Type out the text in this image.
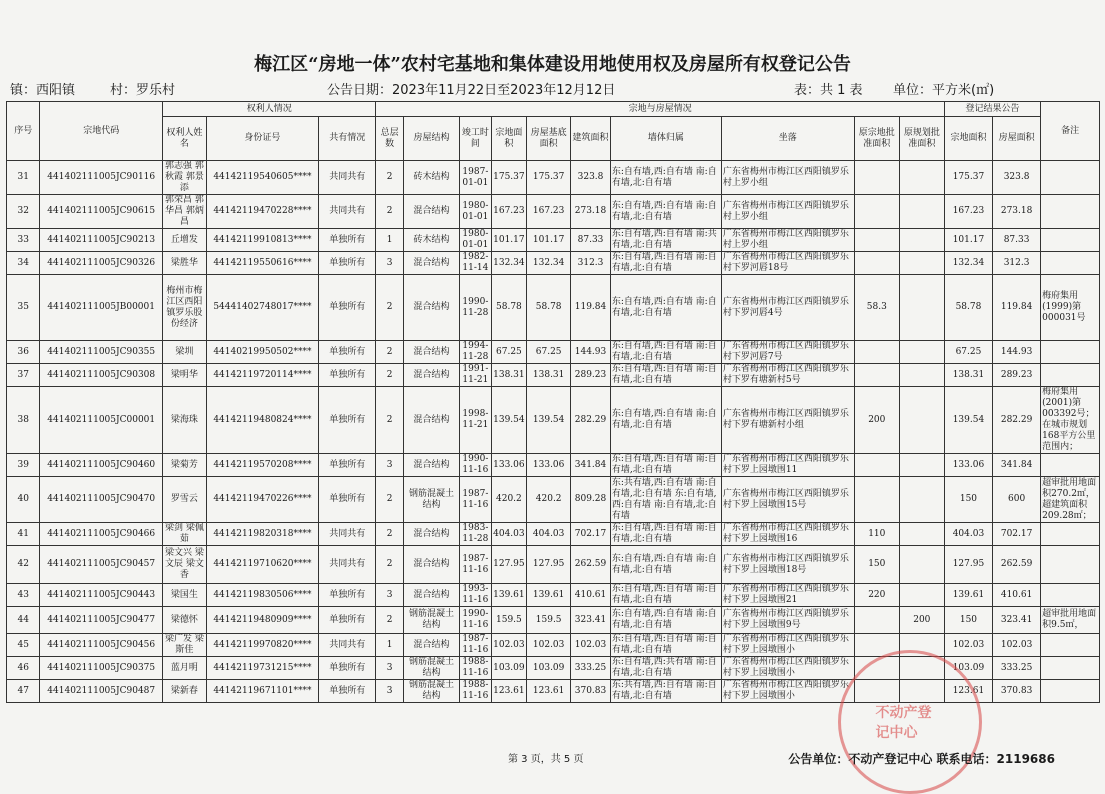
梅江区“房地一体”农村宅基地和集体建设用地使用权及房屋所有权登记公告
镇：西阳镇	村：罗乐村	公告日期：2023年11月22日至2023年12月12日	表：共 1 表 单位：平方米(㎡)
序号	宗地代码	权利人情况			宗地与房屋情况										登记结果公告		备注
		权利人姓名	身份证号	共有情况	总层数	房屋结构	竣工时间	宗地面积	房屋基底面积	建筑面积	墙体归属	坐落	原宗地批准面积	原规划批准面积	宗地面积	房屋面积	
31	441402111005JC90116	郭志强 郭秋霞 郭景添	44142119540605****	共同共有	2	砖木结构	1987-01-01	175.37	175.37	323.8	东:自有墙,西:自有墙 南:自有墙,北:自有墙	广东省梅州市梅江区西阳镇罗乐村上罗小组			175.37	323.8	
32	441402111005JC90615	郭荣昌 郭华昌 郭炳昌	44142119470228****	共同共有	2	混合结构	1980-01-01	167.23	167.23	273.18	东:自有墙,西:自有墙 南:自有墙,北:自有墙	广东省梅州市梅江区西阳镇罗乐村上罗小组			167.23	273.18	
33	441402111005JC90213	丘增发	44142119910813****	单独所有	1	砖木结构	1980-01-01	101.17	101.17	87.33	东:自有墙,西:自有墙 南:共有墙,北:自有墙	广东省梅州市梅江区西阳镇罗乐村上罗小组			101.17	87.33	
34	441402111005JC90326	梁胜华	44142119550616****	单独所有	3	混合结构	1982-11-14	132.34	132.34	312.3	东:自有墙,西:自有墙 南:自有墙,北:自有墙	广东省梅州市梅江区西阳镇罗乐村下罗河唇18号			132.34	312.3	
35	441402111005JB00001	梅州市梅江区西阳镇罗乐股份经济	54441402748017****	单独所有	2	混合结构	1990-11-28	58.78	58.78	119.84	东:自有墙,西:自有墙 南:自有墙,北:自有墙	广东省梅州市梅江区西阳镇罗乐村下罗河唇4号	58.3		58.78	119.84	梅府集用(1999)第000031号
36	441402111005JC90355	梁圳	44140219950502****	单独所有	2	混合结构	1994-11-28	67.25	67.25	144.93	东:自有墙,西:自有墙 南:自有墙,北:自有墙	广东省梅州市梅江区西阳镇罗乐村下罗河唇7号			67.25	144.93	
37	441402111005JC90308	梁明华	44142119720114****	单独所有	2	混合结构	1991-11-21	138.31	138.31	289.23	东:自有墙,西:自有墙 南:自有墙,北:自有墙	广东省梅州市梅江区西阳镇罗乐村下罗有塘新村5号			138.31	289.23	
38	441402111005JC00001	梁海珠	44142119480824****	单独所有	2	混合结构	1998-11-21	139.54	139.54	282.29	东:自有墙,西:自有墙 南:自有墙,北:自有墙	广东省梅州市梅江区西阳镇罗乐村下罗有塘新村小组	200		139.54	282.29	梅府集用(2001)第003392号；在城市规划168平方公里范围内；
39	441402111005JC90460	梁菊芳	44142119570208****	单独所有	3	混合结构	1990-11-16	133.06	133.06	341.84	东:自有墙,西:自有墙 南:自有墙,北:自有墙	广东省梅州市梅江区西阳镇罗乐村下罗上园墩围11			133.06	341.84	
40	441402111005JC90470	罗雪云	44142119470226****	单独所有	2	钢筋混凝土结构	1987-11-16	420.2	420.2	809.28	东:共有墙,西:自有墙 南:自有墙,北:自有墙 东:自有墙,西:自有墙 南:自有墙,北:自有墙	广东省梅州市梅江区西阳镇罗乐村下罗上园墩围15号			150	600	超审批用地面积270.2㎡，超建筑面积209.28㎡；
41	441402111005JC90466	梁剑 梁佩茹	44142119820318****	共同共有	2	混合结构	1983-11-28	404.03	404.03	702.17	东:自有墙,西:自有墙 南:自有墙,北:自有墙	广东省梅州市梅江区西阳镇罗乐村下罗上园墩围16	110		404.03	702.17	
42	441402111005JC90457	梁文兴 梁文辰 梁文香	44142119710620****	共同共有	2	混合结构	1987-11-16	127.95	127.95	262.59	东:自有墙,西:自有墙 南:自有墙,北:自有墙	广东省梅州市梅江区西阳镇罗乐村下罗上园墩围18号	150		127.95	262.59	
43	441402111005JC90443	梁国生	44142119830506****	单独所有	3	混合结构	1993-11-16	139.61	139.61	410.61	东:自有墙,西:自有墙 南:自有墙,北:自有墙	广东省梅州市梅江区西阳镇罗乐村下罗上园墩围21	220		139.61	410.61	
44	441402111005JC90477	梁德怀	44142119480909****	单独所有	2	钢筋混凝土结构	1990-11-16	159.5	159.5	323.41	东:自有墙,西:自有墙 南:自有墙,北:自有墙	广东省梅州市梅江区西阳镇罗乐村下罗上园墩围9号		200	150	323.41	超审批用地面积9.5㎡，
45	441402111005JC90456	梁广发 梁斯佳	44142119970820****	共同共有	1	混合结构	1987-11-16	102.03	102.03	102.03	东:自有墙,西:自有墙 南:自有墙,北:自有墙	广东省梅州市梅江区西阳镇罗乐村下罗上园墩围小			102.03	102.03	
46	441402111005JC90375	蓝月明	44142119731215****	单独所有	3	钢筋混凝土结构	1988-11-16	103.09	103.09	333.25	东:自有墙,西:共有墙 南:自有墙,北:自有墙	广东省梅州市梅江区西阳镇罗乐村下罗上园墩围小			103.09	333.25	
47	441402111005JC90487	梁新春	44142119671101****	单独所有	3	钢筋混凝土结构	1988-11-16	123.61	123.61	370.83	东:共有墙,西:自有墙 南:自有墙,北:自有墙	广东省梅州市梅江区西阳镇罗乐村下罗上园墩围小			123.61	370.83	
不动产登记中心
第 3 页，共 5 页	公告单位：不动产登记中心 联系电话：2119686
